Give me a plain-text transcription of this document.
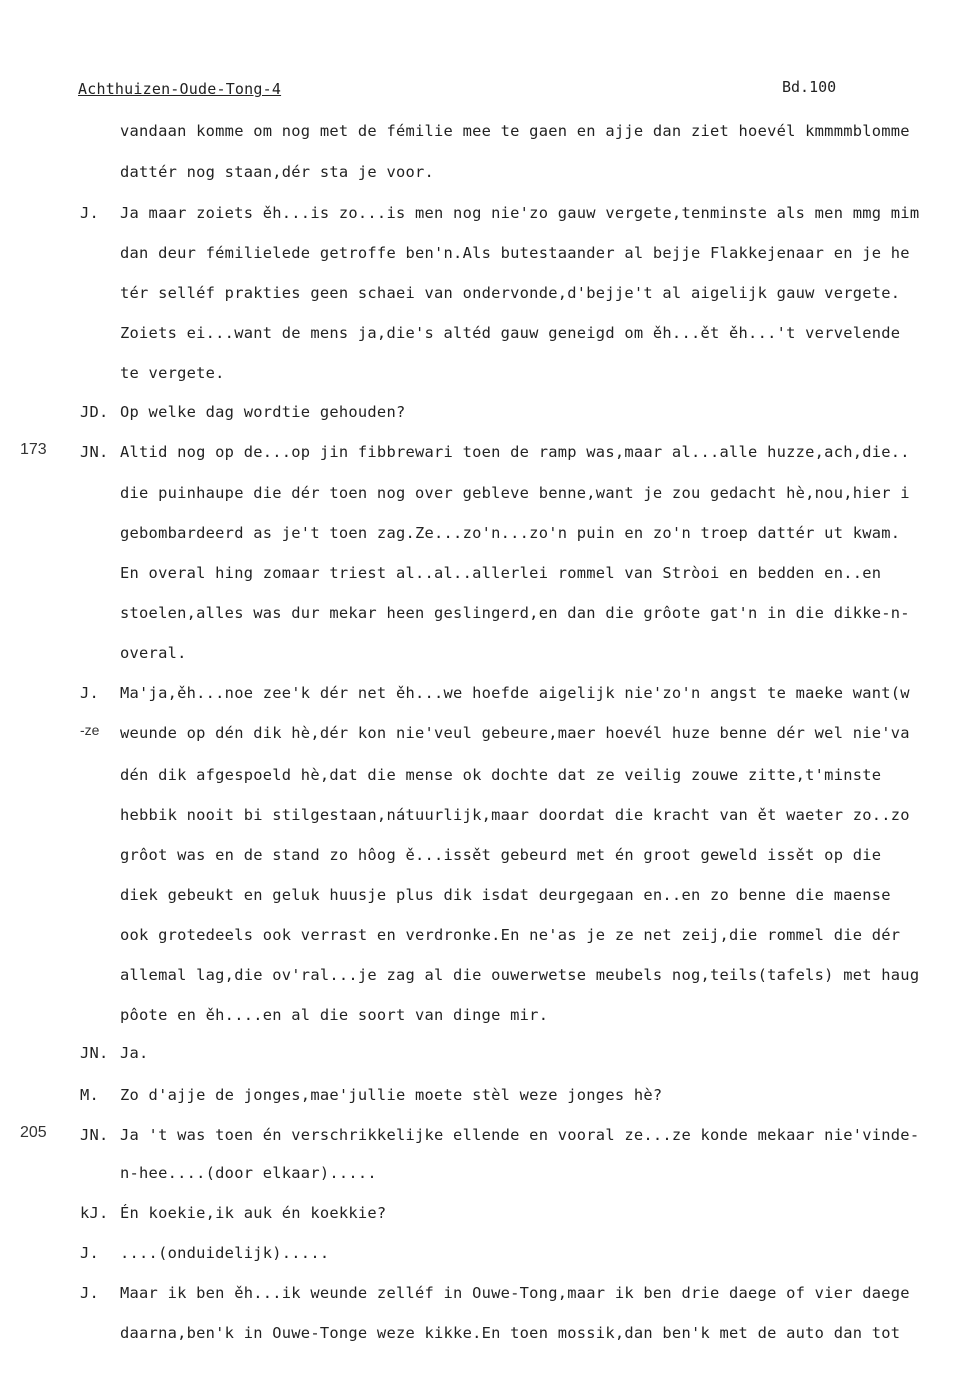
Achthuizen-Oude-Tong-4	Bd.100
173
205
-ze
J.
JD.
JN.
J.
JN.
M.
JN.
kJ.
J.
J.
vandaan komme om nog met de fémilie mee te gaen en ajje dan ziet hoevél kmmmmblomme
dattér nog staan,dér sta je voor.
Ja maar zoiets ěh...is zo...is men nog nie'zo gauw vergete,tenminste als men mmg mim
dan deur fémilielede getroffe ben'n.Als butestaander al bejje Flakkejenaar en je he
tér selléf prakties geen schaei van ondervonde,d'bejje't al aigelijk gauw vergete.
Zoiets ei...want de mens ja,die's altéd gauw geneigd om ěh...ět ěh...'t vervelende
te vergete.
Op welke dag wordtie gehouden?
Altid nog op de...op jin fibbrewari toen de ramp was,maar al...alle huzze,ach,die..
die puinhaupe die dér toen nog over gebleve benne,want je zou gedacht hè,nou,hier i
gebombardeerd as je't toen zag.Ze...zo'n...zo'n puin en zo'n troep dattér ut kwam.
En overal hing zomaar triest al..al..allerlei rommel van Stròoi en bedden en..en
stoelen,alles was dur mekar heen geslingerd,en dan die grôote gat'n in die dikke-n-
overal.
Ma'ja,ěh...noe zee'k dér net ěh...we hoefde aigelijk nie'zo'n angst te maeke want(w
weunde op dén dik hè,dér kon nie'veul gebeure,maer hoevél huze benne dér wel nie'va
dén dik afgespoeld hè,dat die mense ok dochte dat ze veilig zouwe zitte,t'minste
hebbik nooit bi stilgestaan,nátuurlijk,maar doordat die kracht van ět waeter zo..zo
grôot was en de stand zo hôog ě...issět gebeurd met én groot geweld issět op die
diek gebeukt en geluk huusje plus dik isdat deurgegaan en..en zo benne die maense
ook grotedeels ook verrast en verdronke.En ne'as je ze net zeij,die rommel die dér
allemal lag,die ov'ral...je zag al die ouwerwetse meubels nog,teils(tafels) met haug
pôote en ěh....en al die soort van dinge mir.
Ja.
Zo d'ajje de jonges,mae'jullie moete stèl weze jonges hè?
Ja 't was toen én verschrikkelijke ellende en vooral ze...ze konde mekaar nie'vinde-
n-hee....(door elkaar).....
Én koekie,ik auk én koekkie?
....(onduidelijk).....
Maar ik ben ěh...ik weunde zelléf in Ouwe-Tong,maar ik ben drie daege of vier daege
daarna,ben'k in Ouwe-Tonge weze kikke.En toen mossik,dan ben'k met de auto dan tot
